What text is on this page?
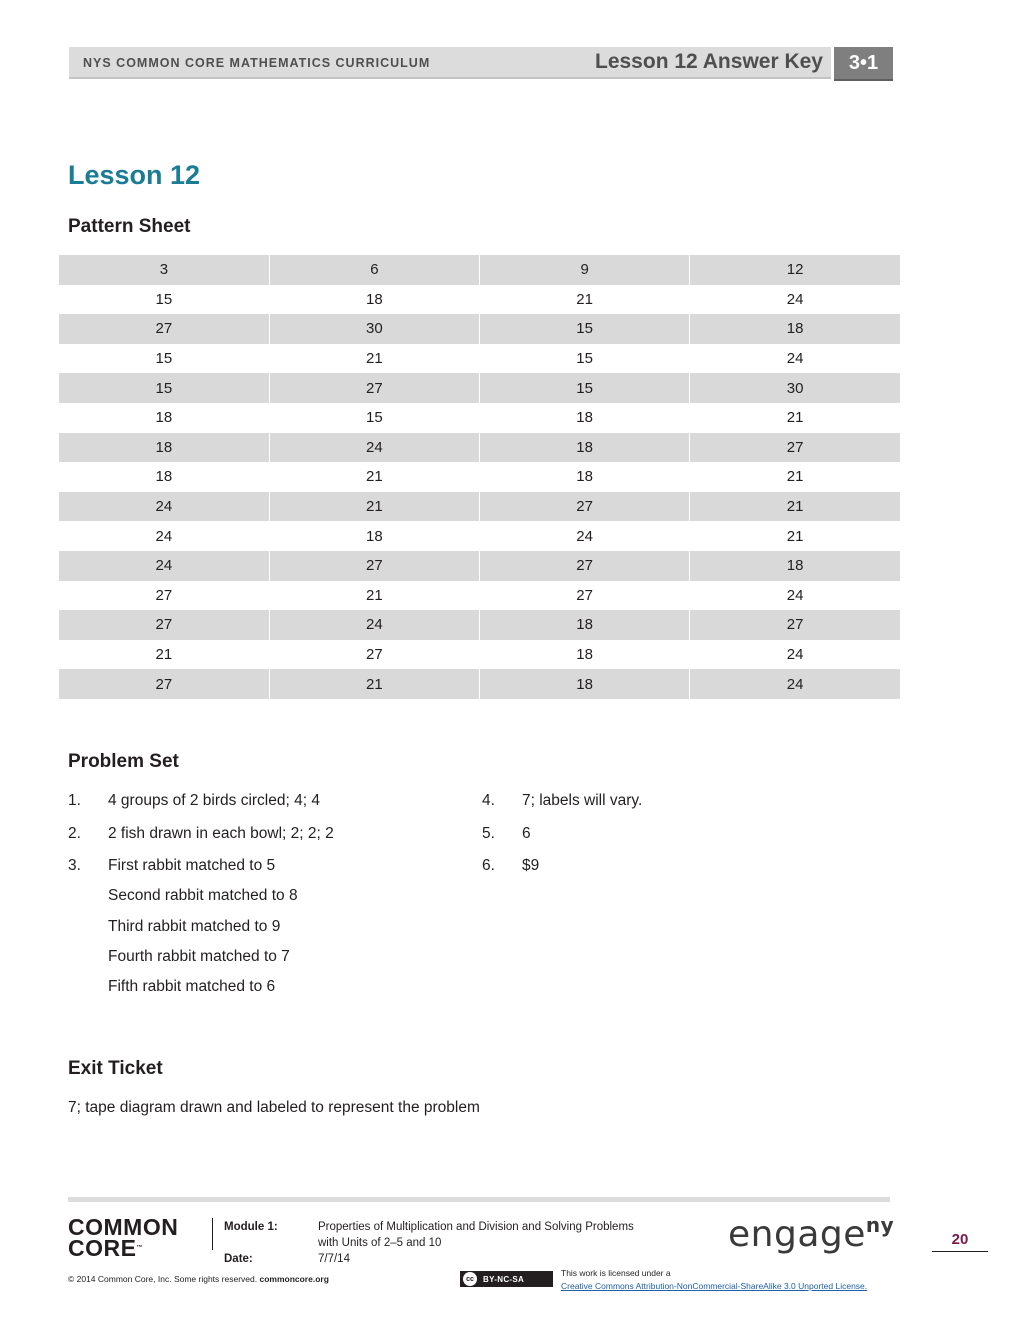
NYS COMMON CORE MATHEMATICS CURRICULUM	Lesson 12 Answer Key	3•1
Lesson 12
Pattern Sheet
3	6	9	12
15	18	21	24
27	30	15	18
15	21	15	24
15	27	15	30
18	15	18	21
18	24	18	27
18	21	18	21
24	21	27	21
24	18	24	21
24	27	27	18
27	21	27	24
27	24	18	27
21	27	18	24
27	21	18	24
Problem Set
1.	4 groups of 2 birds circled; 4; 4
2.	2 fish drawn in each bowl; 2; 2; 2
3.	First rabbit matched to 5
Second rabbit matched to 8
Third rabbit matched to 9
Fourth rabbit matched to 7
Fifth rabbit matched to 6
4.	7; labels will vary.
5.	6
6.	$9
Exit Ticket
7; tape diagram drawn and labeled to represent the problem
COMMON
CORE™
Module 1:	Properties of Multiplication and Division and Solving Problems
with Units of 2–5 and 10
Date:	7/7/14
engage$^{ny}$
20
© 2014 Common Core, Inc. Some rights reserved. commoncore.org	cc	BY-NC-SA
This work is licensed under a
Creative Commons Attribution-NonCommercial-ShareAlike 3.0 Unported License.
